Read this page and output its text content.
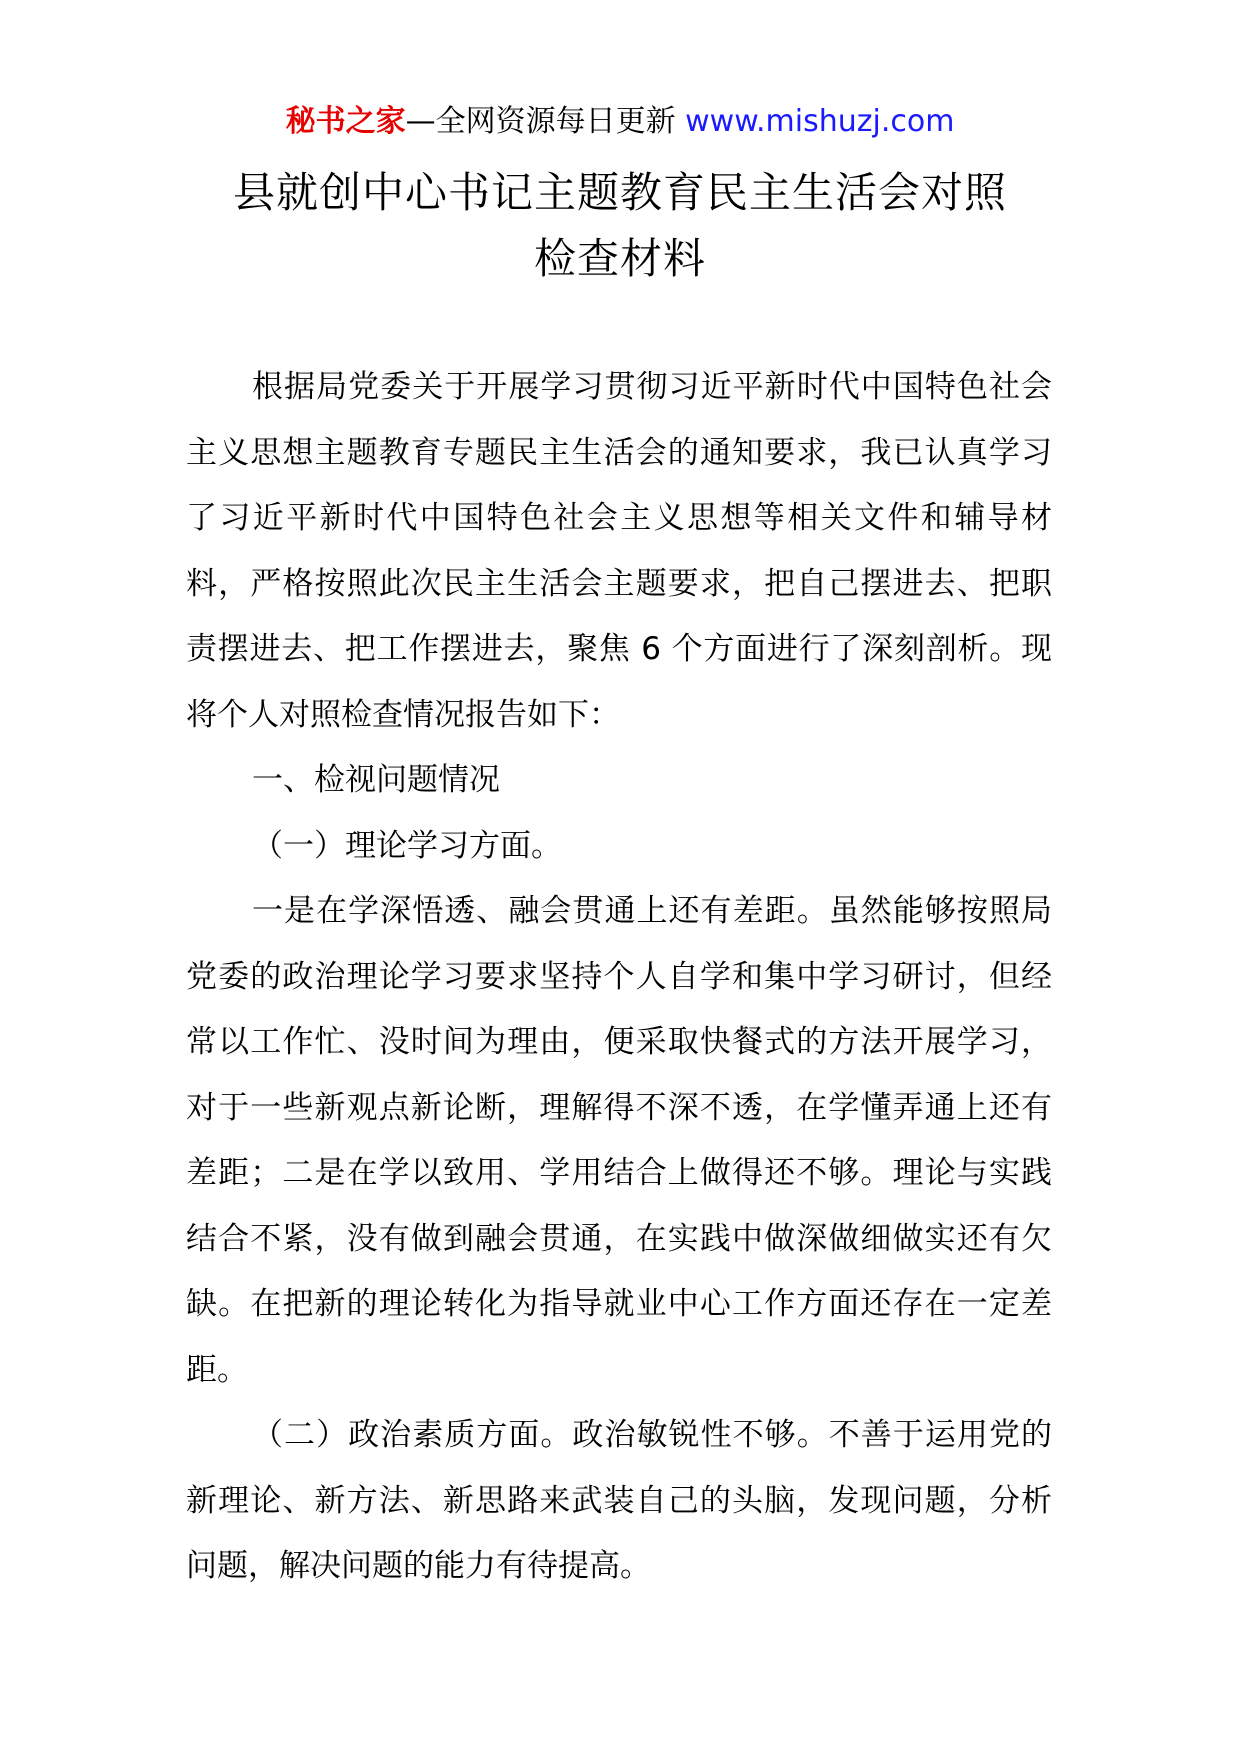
秘书之家—全网资源每日更新 www.mishuzj.com
县就创中心书记主题教育民主生活会对照
检查材料

根据局党委关于开展学习贯彻习近平新时代中国特色社会主义思想主题教育专题民主生活会的通知要求，我已认真学习了习近平新时代中国特色社会主义思想等相关文件和辅导材料，严格按照此次民主生活会主题要求，把自己摆进去、把职责摆进去、把工作摆进去，聚焦 6 个方面进行了深刻剖析。现将个人对照检查情况报告如下：

一、检视问题情况

（一）理论学习方面。

一是在学深悟透、融会贯通上还有差距。虽然能够按照局党委的政治理论学习要求坚持个人自学和集中学习研讨，但经常以工作忙、没时间为理由，便采取快餐式的方法开展学习，对于一些新观点新论断，理解得不深不透，在学懂弄通上还有差距；二是在学以致用、学用结合上做得还不够。理论与实践结合不紧，没有做到融会贯通，在实践中做深做细做实还有欠缺。在把新的理论转化为指导就业中心工作方面还存在一定差距。

（二）政治素质方面。政治敏锐性不够。不善于运用党的新理论、新方法、新思路来武装自己的头脑，发现问题，分析问题，解决问题的能力有待提高。
